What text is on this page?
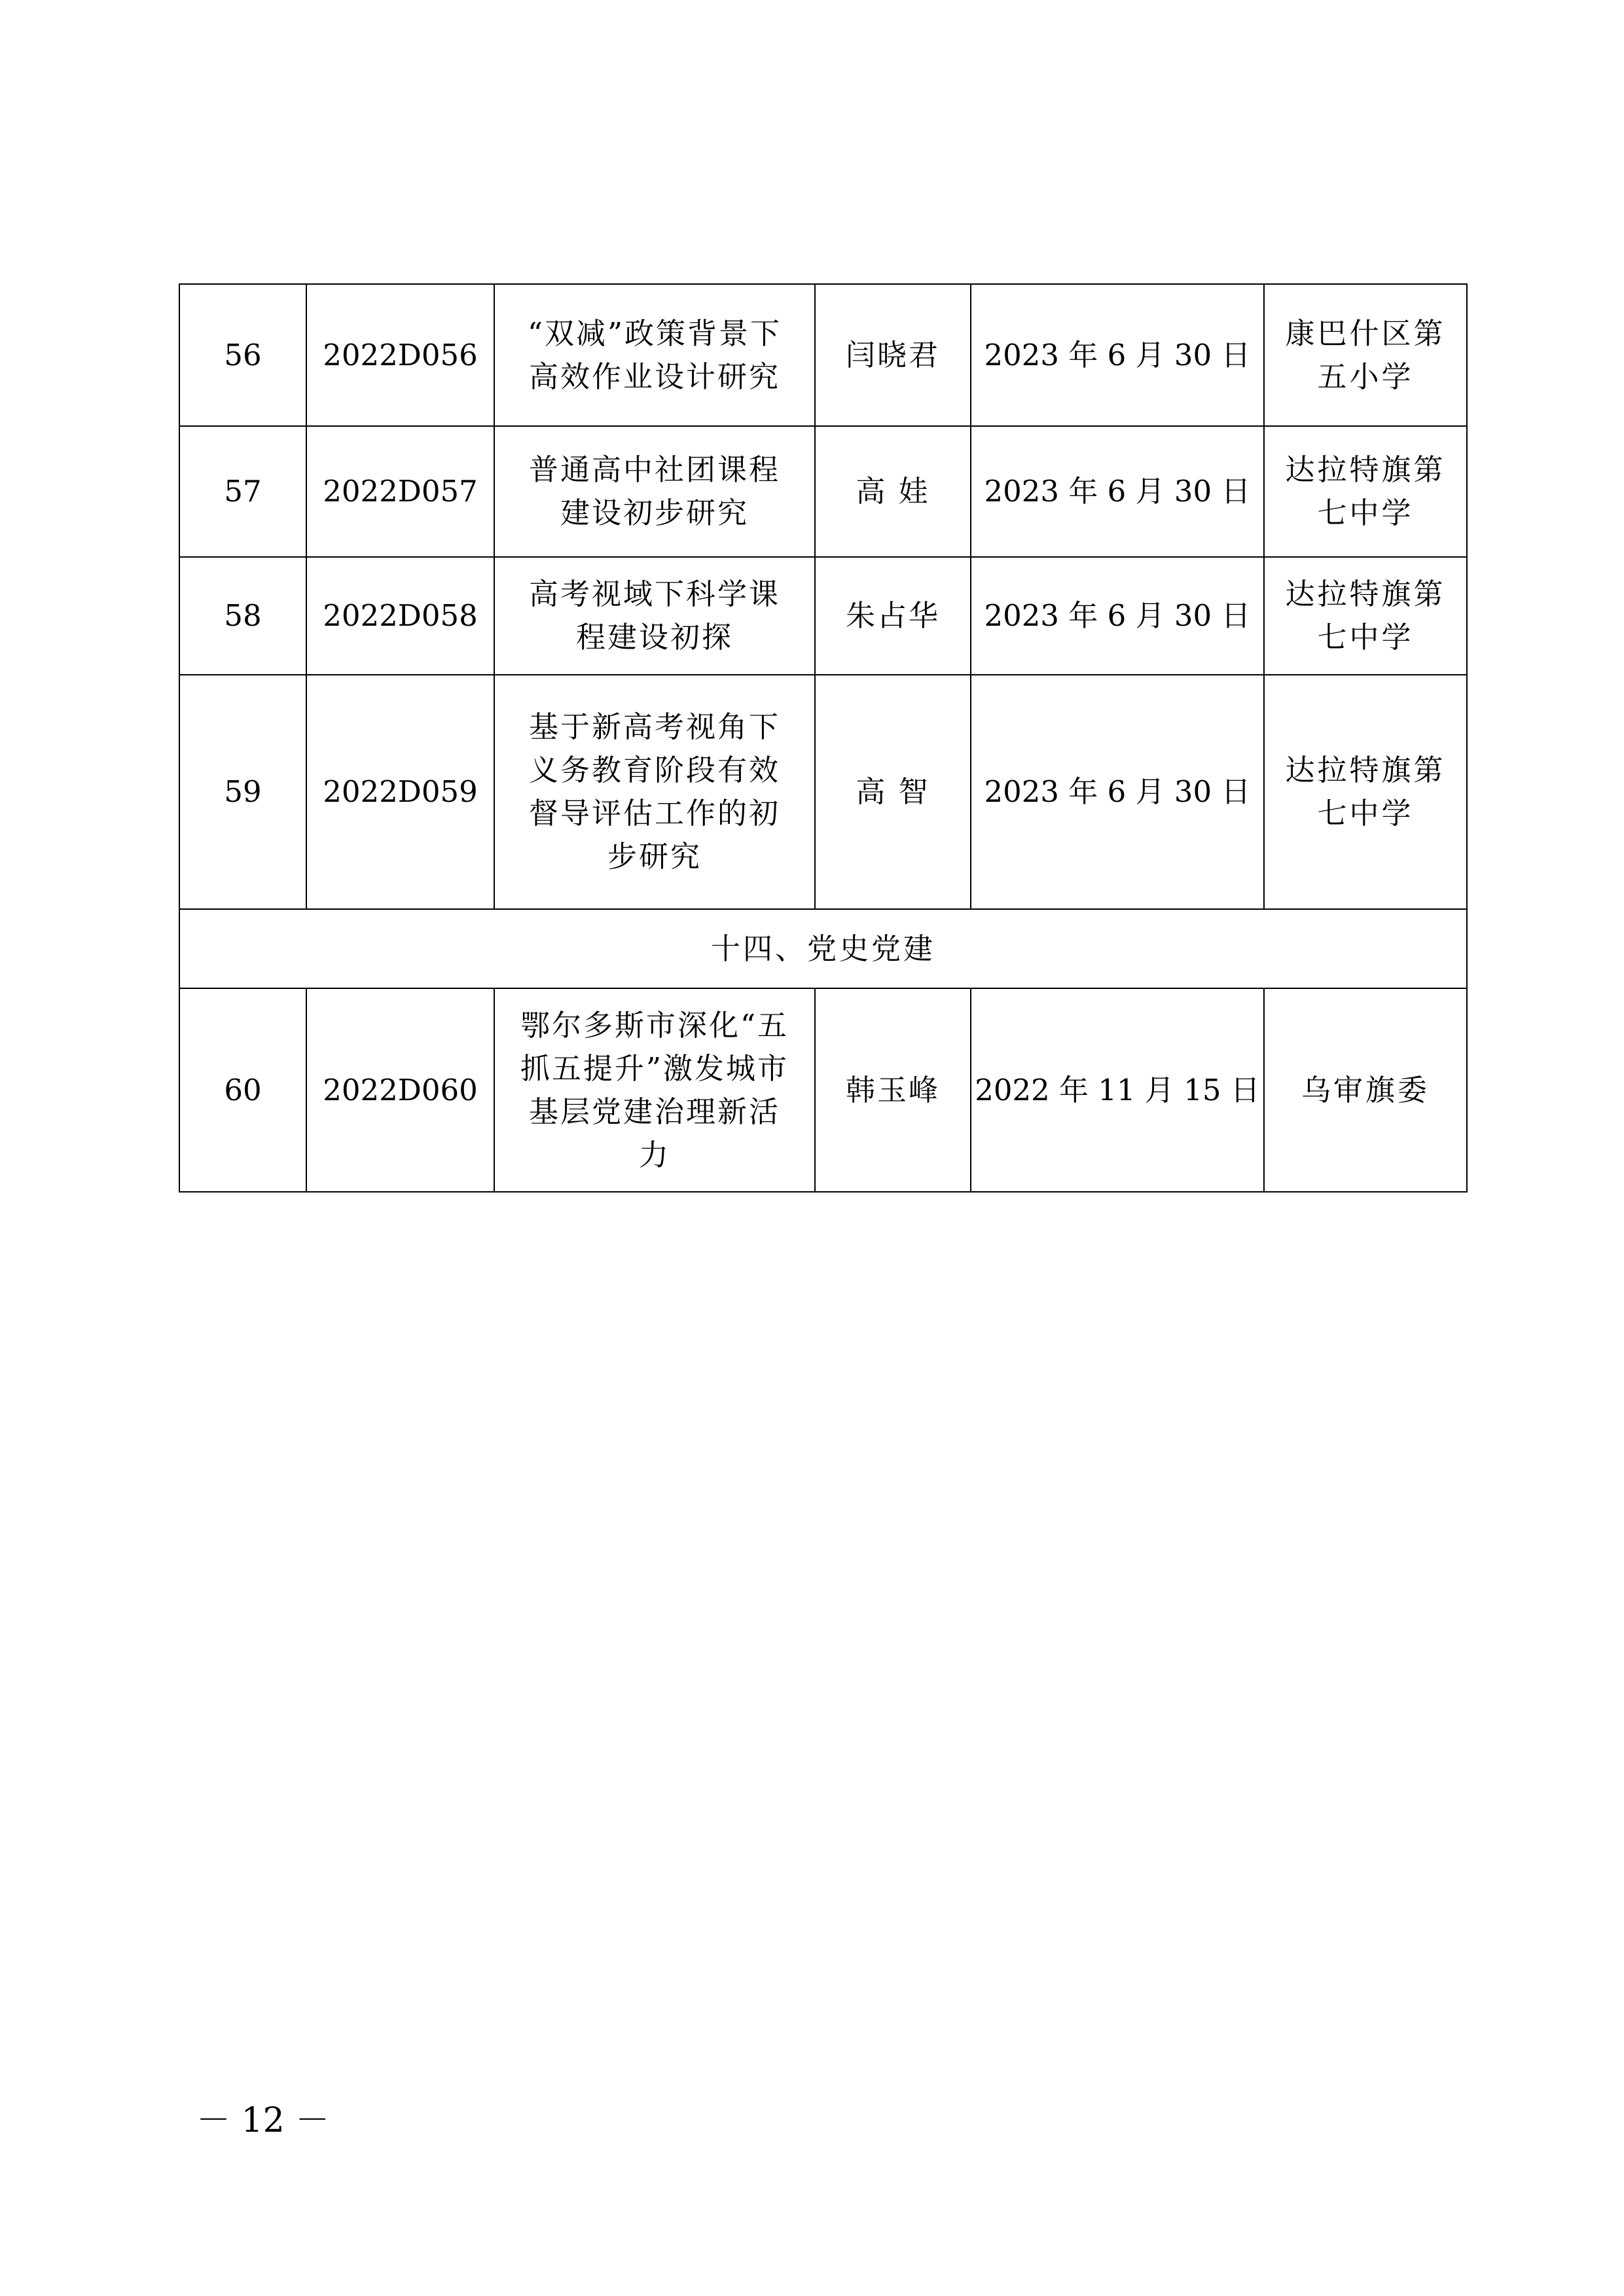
56	2022D056	“双减”政策背景下高效作业设计研究	闫晓君	2023 年 6 月 30 日	康巴什区第五小学
57	2022D057	普通高中社团课程建设初步研究	高 娃	2023 年 6 月 30 日	达拉特旗第七中学
58	2022D058	高考视域下科学课程建设初探	朱占华	2023 年 6 月 30 日	达拉特旗第七中学
59	2022D059	基于新高考视角下义务教育阶段有效督导评估工作的初步研究	高 智	2023 年 6 月 30 日	达拉特旗第七中学
十四、党史党建					
60	2022D060	鄂尔多斯市深化“五抓五提升”激发城市基层党建治理新活力	韩玉峰	2022 年 11 月 15 日	乌审旗委
－ 12 －
